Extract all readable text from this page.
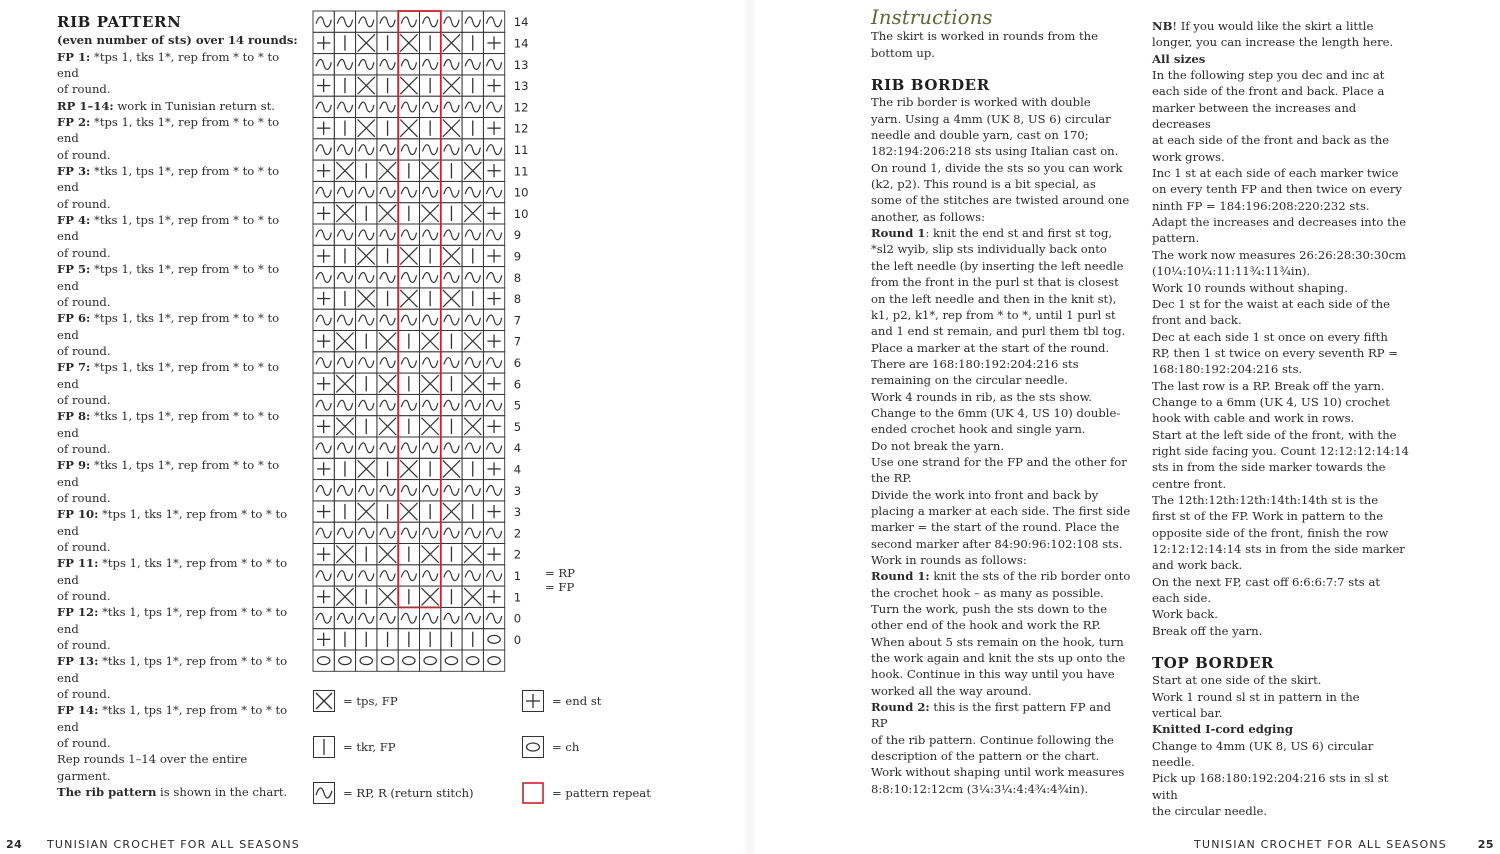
RIB PATTERN

(even number of sts) over 14 rounds:

FP 1: *tps 1, tks 1*, rep from * to * to end

of round.

RP 1–14: work in Tunisian return st.

FP 2: *tps 1, tks 1*, rep from * to * to end

of round.

FP 3: *tks 1, tps 1*, rep from * to * to end

of round.

FP 4: *tks 1, tps 1*, rep from * to * to end

of round.

FP 5: *tps 1, tks 1*, rep from * to * to end

of round.

FP 6: *tps 1, tks 1*, rep from * to * to end

of round.

FP 7: *tps 1, tks 1*, rep from * to * to end

of round.

FP 8: *tks 1, tps 1*, rep from * to * to end

of round.

FP 9: *tks 1, tps 1*, rep from * to * to end

of round.

FP 10: *tps 1, tks 1*, rep from * to * to end

of round.

FP 11: *tps 1, tks 1*, rep from * to * to end

of round.

FP 12: *tks 1, tps 1*, rep from * to * to end

of round.

FP 13: *tks 1, tps 1*, rep from * to * to end

of round.

FP 14: *tks 1, tps 1*, rep from * to * to end

of round.

Rep rounds 1–14 over the entire garment.

The rib pattern is shown in the chart.

14
14
13
13
12
12
11
11
10
10
9
9
8
8
7
7
6
6
5
5
4
4
3
3
2
2
1
1
0
0
= RP
= FP
= tps, FP
= tkr, FP
= RP, R (return stitch)
= end st
= ch
= pattern repeat

Instructions

The skirt is worked in rounds from the

bottom up.

RIB BORDER

The rib border is worked with double

yarn. Using a 4mm (UK 8, US 6) circular

needle and double yarn, cast on 170;

182:194:206:218 sts using Italian cast on.

On round 1, divide the sts so you can work

(k2, p2). This round is a bit special, as

some of the stitches are twisted around one

another, as follows:

Round 1: knit the end st and first st tog,

*sl2 wyib, slip sts individually back onto

the left needle (by inserting the left needle

from the front in the purl st that is closest

on the left needle and then in the knit st),

k1, p2, k1*, rep from * to *, until 1 purl st

and 1 end st remain, and purl them tbl tog.

Place a marker at the start of the round.

There are 168:180:192:204:216 sts

remaining on the circular needle.

Work 4 rounds in rib, as the sts show.

Change to the 6mm (UK 4, US 10) double-

ended crochet hook and single yarn.

Do not break the yarn.

Use one strand for the FP and the other for

the RP.

Divide the work into front and back by

placing a marker at each side. The first side

marker = the start of the round. Place the

second marker after 84:90:96:102:108 sts.

Work in rounds as follows:

Round 1: knit the sts of the rib border onto

the crochet hook – as many as possible.

Turn the work, push the sts down to the

other end of the hook and work the RP.

When about 5 sts remain on the hook, turn

the work again and knit the sts up onto the

hook. Continue in this way until you have

worked all the way around.

Round 2: this is the first pattern FP and RP

of the rib pattern. Continue following the

description of the pattern or the chart.

Work without shaping until work measures

8:8:10:12:12cm (3¼:3¼:4:4¾:4¾in).

NB! If you would like the skirt a little

longer, you can increase the length here.

All sizes

In the following step you dec and inc at

each side of the front and back. Place a

marker between the increases and decreases

at each side of the front and back as the

work grows.

Inc 1 st at each side of each marker twice

on every tenth FP and then twice on every

ninth FP = 184:196:208:220:232 sts.

Adapt the increases and decreases into the

pattern.

The work now measures 26:26:28:30:30cm

(10¼:10¼:11:11¾:11¾in).

Work 10 rounds without shaping.

Dec 1 st for the waist at each side of the

front and back.

Dec at each side 1 st once on every fifth

RP, then 1 st twice on every seventh RP =

168:180:192:204:216 sts.

The last row is a RP. Break off the yarn.

Change to a 6mm (UK 4, US 10) crochet

hook with cable and work in rows.

Start at the left side of the front, with the

right side facing you. Count 12:12:12:14:14

sts in from the side marker towards the

centre front.

The 12th:12th:12th:14th:14th st is the

first st of the FP. Work in pattern to the

opposite side of the front, finish the row

12:12:12:14:14 sts in from the side marker

and work back.

On the next FP, cast off 6:6:6:7:7 sts at

each side.

Work back.

Break off the yarn.

TOP BORDER

Start at one side of the skirt.

Work 1 round sl st in pattern in the

vertical bar.

Knitted I-cord edging

Change to 4mm (UK 8, US 6) circular

needle.

Pick up 168:180:192:204:216 sts in sl st with

the circular needle.

24 TUNISIAN CROCHET FOR ALL SEASONS	TUNISIAN CROCHET FOR ALL SEASONS	25
